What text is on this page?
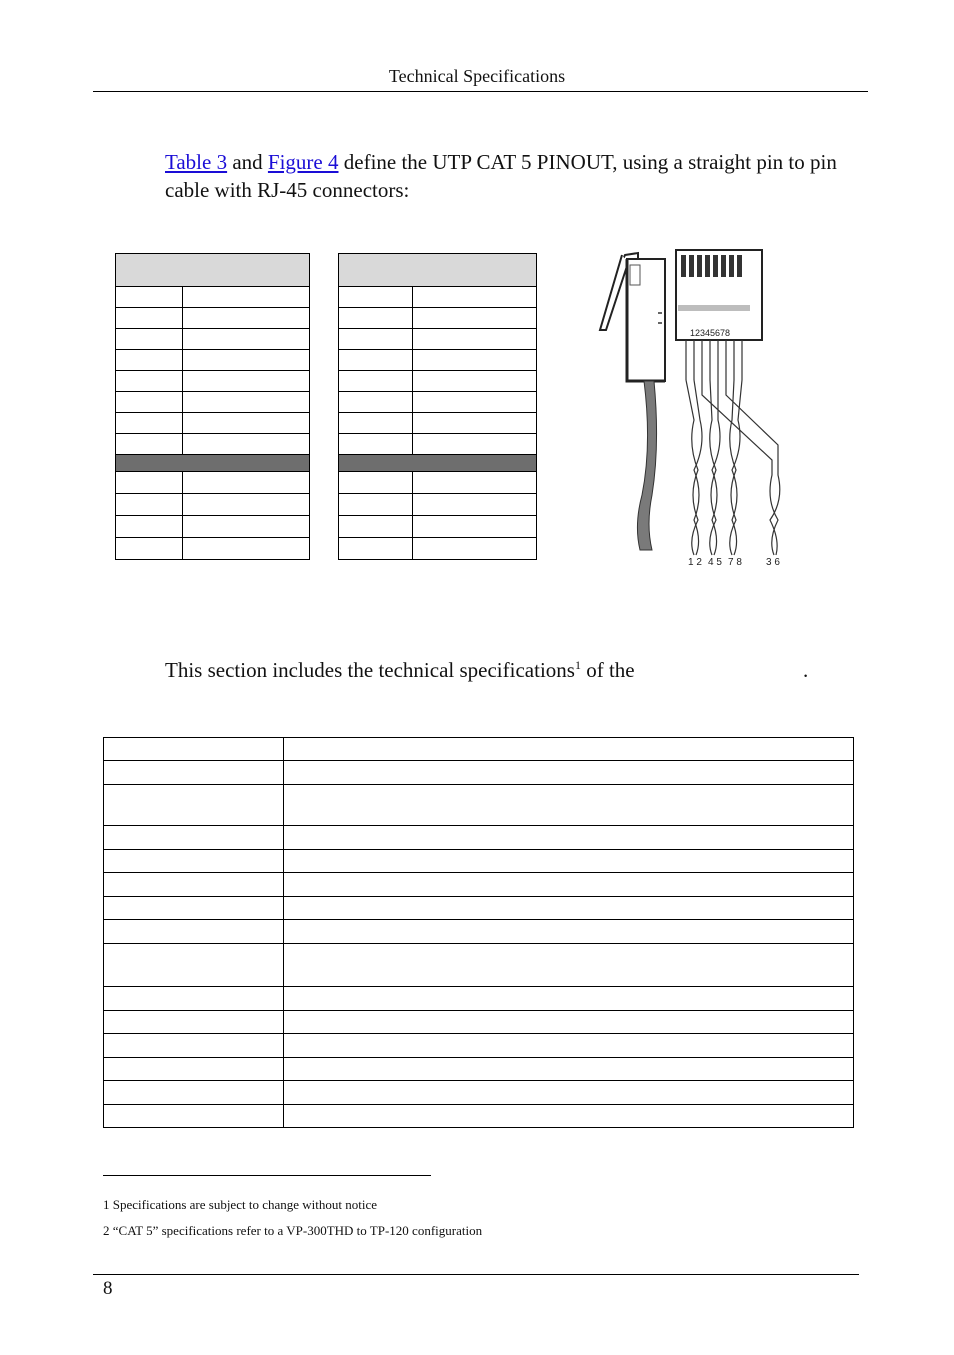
Technical Specifications
Table 3 and Figure 4 define the UTP CAT 5 PINOUT, using a straight pin to pin cable with RJ-45 connectors:

12345678
1 2 4 5 7 8 3 6
This section includes the technical specifications$^1$ of the	.

1 Specifications are subject to change without notice
2 “CAT 5” specifications refer to a VP-300THD to TP-120 configuration
8
